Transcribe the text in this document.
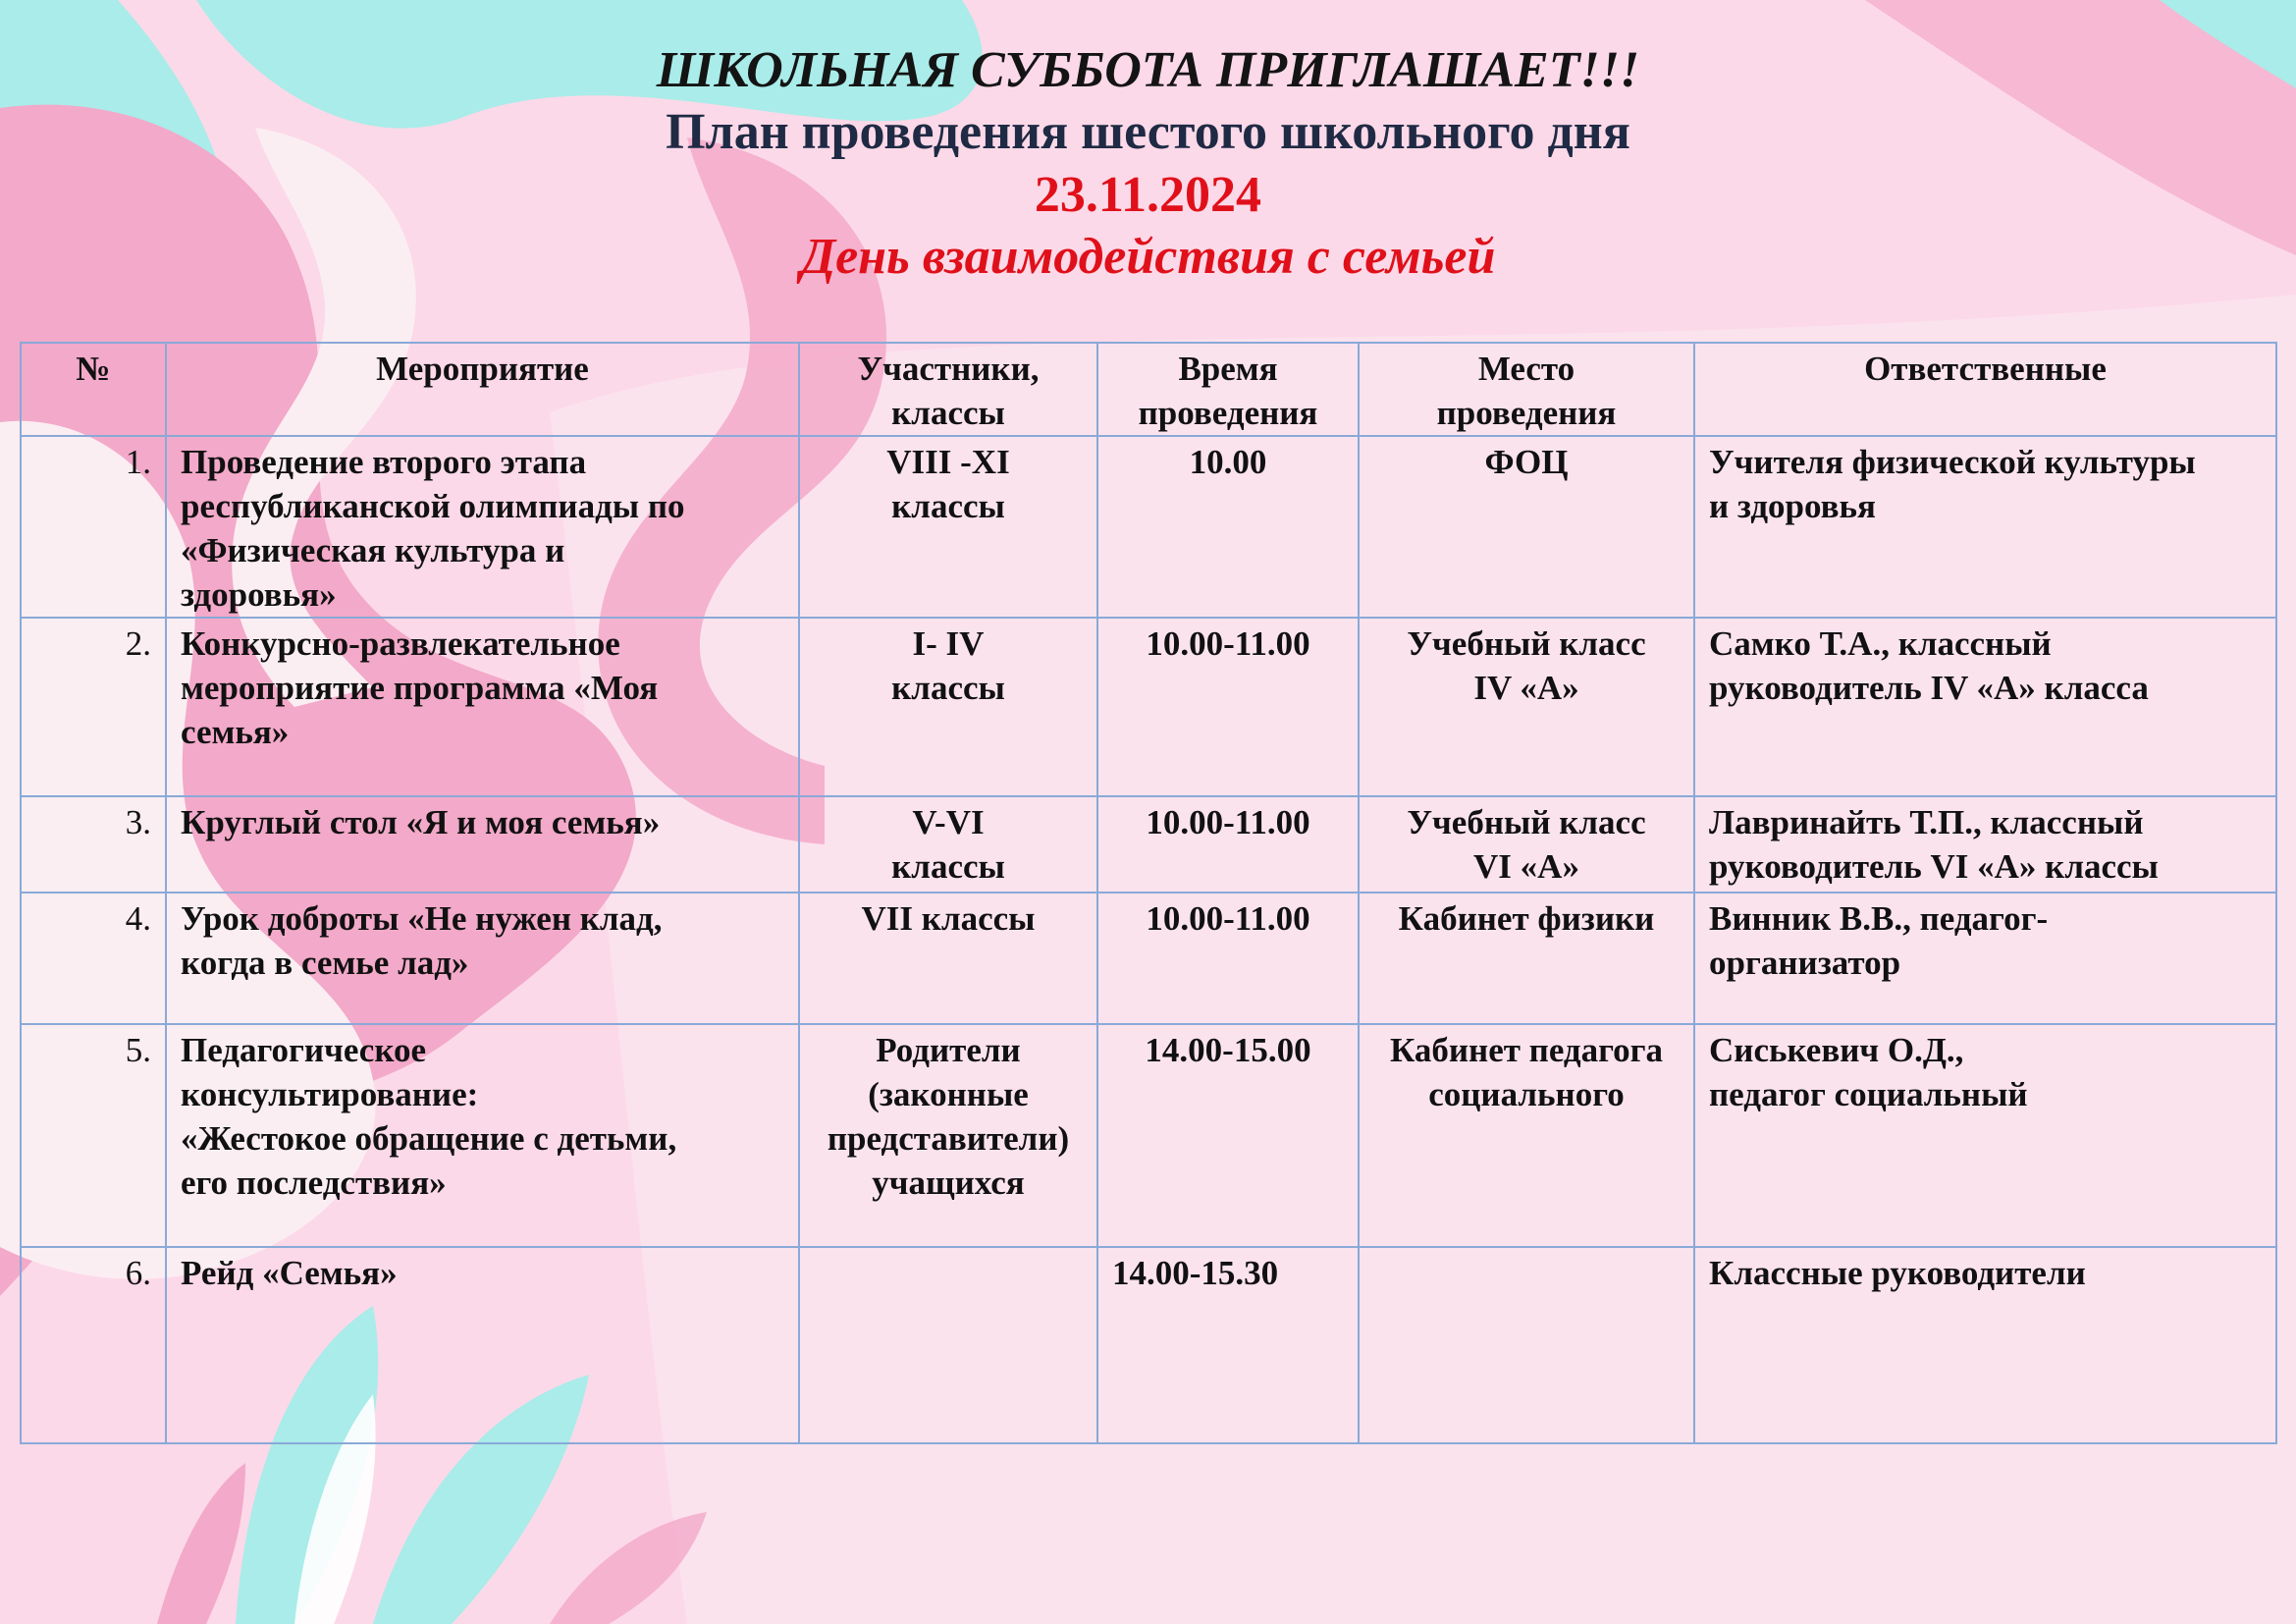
ШКОЛЬНАЯ СУББОТА ПРИГЛАШАЕТ!!!
План проведения шестого школьного дня
23.11.2024
День взаимодействия с семьей
№	Мероприятие	Участники,
классы	Время
проведения	Место
проведения	Ответственные
1.	Проведение второго этапа
республиканской олимпиады по
«Физическая культура и
здоровья»	VIII -XI
классы	10.00	ФОЦ	Учителя физической культуры
и здоровья
2.	Конкурсно-развлекательное
мероприятие программа «Моя
семья»	I- IV
классы	10.00-11.00	Учебный класс
IV «А»	Самко Т.А., классный
руководитель IV «А» класса
3.	Круглый стол «Я и моя семья»	V-VI
классы	10.00-11.00	Учебный класс
VI «А»	Лавринайть Т.П., классный
руководитель VI «А» классы
4.	Урок доброты «Не нужен клад,
когда в семье лад»	VII классы	10.00-11.00	Кабинет физики	Винник В.В., педагог-
организатор
5.	Педагогическое
консультирование:
«Жестокое обращение с детьми,
его последствия»	Родители
(законные
представители)
учащихся	14.00-15.00	Кабинет педагога
социального	Сиськевич О.Д.,
педагог социальный
6.	Рейд «Семья»		14.00-15.30		Классные руководители
